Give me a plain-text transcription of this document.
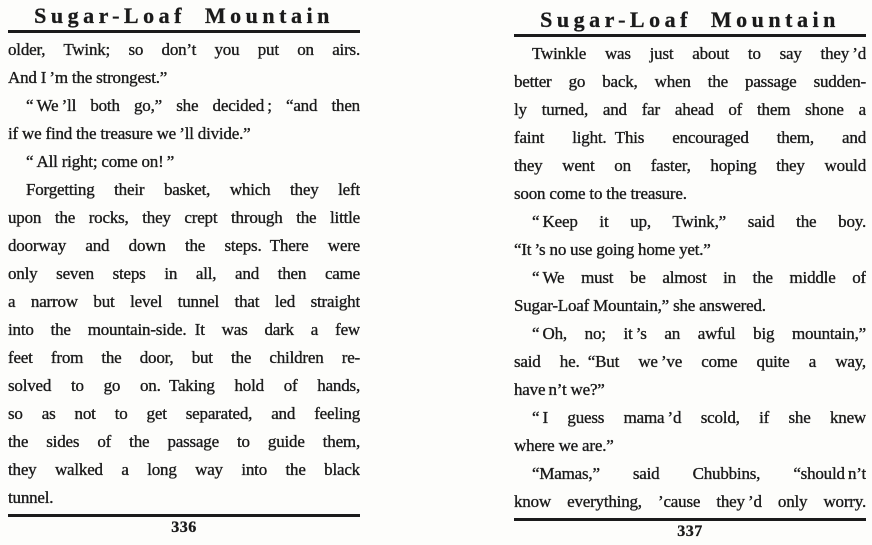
Sugar-Loaf Mountain
older, Twink; so don’t you put on airs.
And I ’m the strongest.”
“ We ’ll both go,” she decided ; “and then
if we find the treasure we ’ll divide.”
“ All right; come on! ”
Forgetting their basket, which they left
upon the rocks, they crept through the little
doorway and down the steps. There were
only seven steps in all, and then came
a narrow but level tunnel that led straight
into the mountain-side. It was dark a few
feet from the door, but the children re-
solved to go on. Taking hold of hands,
so as not to get separated, and feeling
the sides of the passage to guide them,
they walked a long way into the black
tunnel.
336
Sugar-Loaf Mountain
Twinkle was just about to say they ’d
better go back, when the passage sudden-
ly turned, and far ahead of them shone a
faint light. This encouraged them, and
they went on faster, hoping they would
soon come to the treasure.
“ Keep it up, Twink,” said the boy.
“It ’s no use going home yet.”
“ We must be almost in the middle of
Sugar-Loaf Mountain,” she answered.
“ Oh, no; it ’s an awful big mountain,”
said he. “But we ’ve come quite a way,
have n’t we?”
“ I guess mama ’d scold, if she knew
where we are.”
“Mamas,” said Chubbins, “should n’t
know everything, ’cause they ’d only worry.
337
